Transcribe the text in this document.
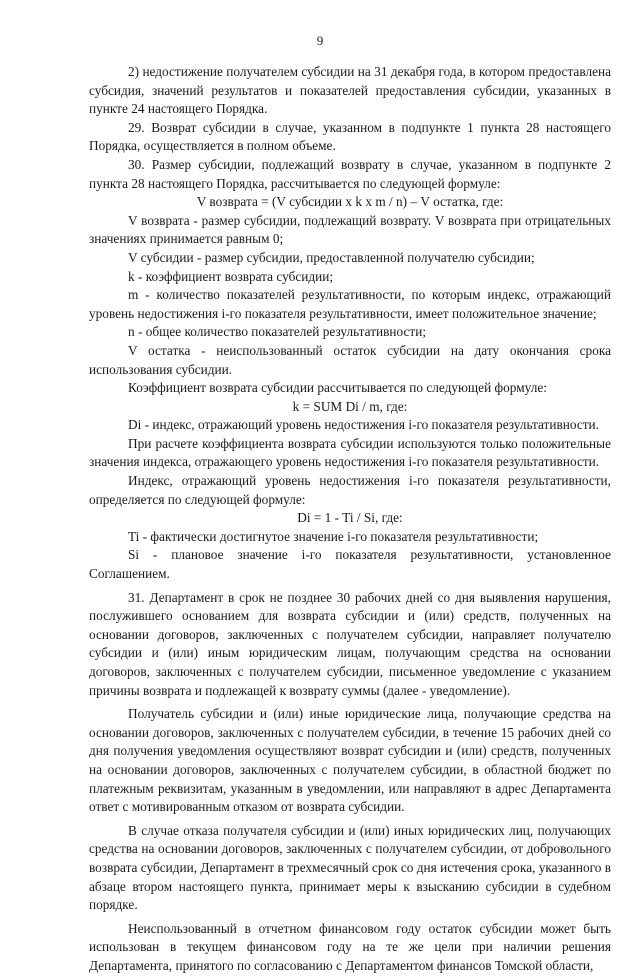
9

2) недостижение получателем субсидии на 31 декабря года, в котором предоставлена субсидия, значений результатов и показателей предоставления субсидии, указанных в пункте 24 настоящего Порядка.

29. Возврат субсидии в случае, указанном в подпункте 1 пункта 28 настоящего Порядка, осуществляется в полном объеме.

30. Размер субсидии, подлежащий возврату в случае, указанном в подпункте 2 пункта 28 настоящего Порядка, рассчитывается по следующей формуле:

V возврата = (V субсидии x k x m / n) – V остатка, где:

V возврата - размер субсидии, подлежащий возврату. V возврата при отрицательных значениях принимается равным 0;

V субсидии - размер субсидии, предоставленной получателю субсидии;

k - коэффициент возврата субсидии;

m - количество показателей результативности, по которым индекс, отражающий уровень недостижения i-го показателя результативности, имеет положительное значение;

n - общее количество показателей результативности;

V остатка - неиспользованный остаток субсидии на дату окончания срока использования субсидии.

Коэффициент возврата субсидии рассчитывается по следующей формуле:

k = SUM Di / m, где:

Di - индекс, отражающий уровень недостижения i-го показателя результативности.

При расчете коэффициента возврата субсидии используются только положительные значения индекса, отражающего уровень недостижения i-го показателя результативности.

Индекс, отражающий уровень недостижения i-го показателя результативности, определяется по следующей формуле:

Di = 1 - Ti / Si, где:

Ti - фактически достигнутое значение i-го показателя результативности;

Si - плановое значение i-го показателя результативности, установленное Соглашением.

31. Департамент в срок не позднее 30 рабочих дней со дня выявления нарушения, послужившего основанием для возврата субсидии и (или) средств, полученных на основании договоров, заключенных с получателем субсидии, направляет получателю субсидии и (или) иным юридическим лицам, получающим средства на основании договоров, заключенных с получателем субсидии, письменное уведомление с указанием причины возврата и подлежащей к возврату суммы (далее - уведомление).

Получатель субсидии и (или) иные юридические лица, получающие средства на основании договоров, заключенных с получателем субсидии, в течение 15 рабочих дней со дня получения уведомления осуществляют возврат субсидии и (или) средств, полученных на основании договоров, заключенных с получателем субсидии, в областной бюджет по платежным реквизитам, указанным в уведомлении, или направляют в адрес Департамента ответ с мотивированным отказом от возврата субсидии.

В случае отказа получателя субсидии и (или) иных юридических лиц, получающих средства на основании договоров, заключенных с получателем субсидии, от добровольного возврата субсидии, Департамент в трехмесячный срок со дня истечения срока, указанного в абзаце втором настоящего пункта, принимает меры к взысканию субсидии в судебном порядке.

Неиспользованный в отчетном финансовом году остаток субсидии может быть использован в текущем финансовом году на те же цели при наличии решения Департамента, принятого по согласованию с Департаментом финансов Томской области,
